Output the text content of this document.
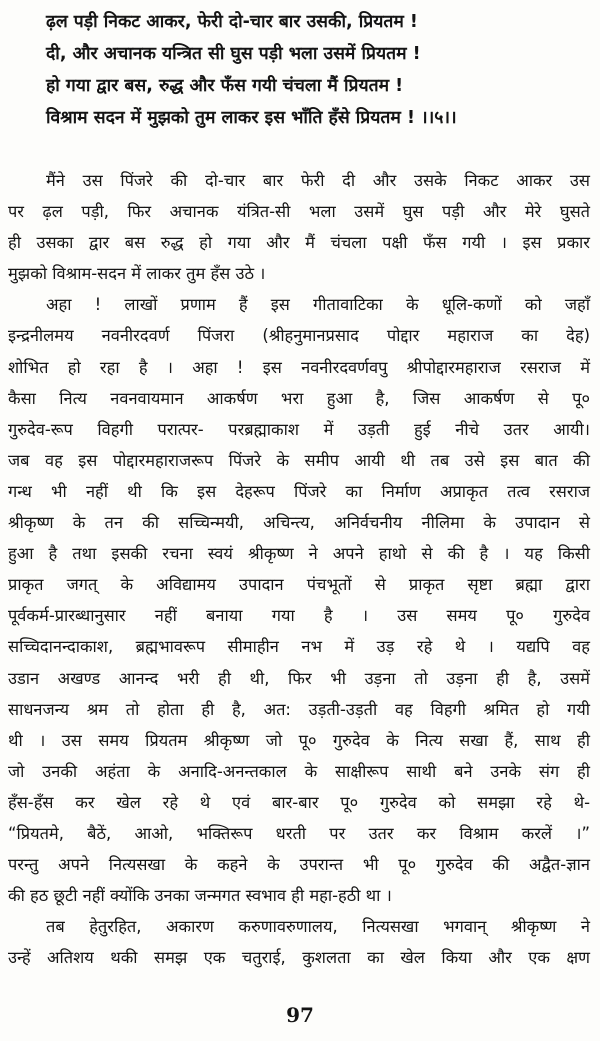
ढ़ल पड़ी निकट आकर, फेरी दो-चार बार उसकी, प्रियतम !
दी, और अचानक यन्त्रित सी घुस पड़ी भला उसमें प्रियतम !
हो गया द्वार बस, रुद्ध और फँस गयी चंचला मैं प्रियतम !
विश्राम सदन में मुझको तुम लाकर इस भाँति हँसे प्रियतम ! ।।५।।

मैंने उस पिंजरे की दो-चार बार फेरी दी और उसके निकट आकर उस

पर ढ़ल पड़ी, फिर अचानक यंत्रित-सी भला उसमें घुस पड़ी और मेरे घुसते

ही उसका द्वार बस रुद्ध हो गया और मैं चंचला पक्षी फँस गयी । इस प्रकार

मुझको विश्राम-सदन में लाकर तुम हँस उठे ।

अहा ! लाखों प्रणाम हैं इस गीतावाटिका के धूलि-कणों को जहाँ

इन्द्रनीलमय नवनीरदवर्ण पिंजरा (श्रीहनुमानप्रसाद पोद्दार महाराज का देह)

शोभित हो रहा है । अहा ! इस नवनीरदवर्णवपु श्रीपोद्दारमहाराज रसराज में

कैसा नित्य नवनवायमान आकर्षण भरा हुआ है, जिस आकर्षण से पू०

गुरुदेव-रूप विहगी परात्पर- परब्रह्माकाश में उड़ती हुई नीचे उतर आयी।

जब वह इस पोद्दारमहाराजरूप पिंजरे के समीप आयी थी तब उसे इस बात की

गन्ध भी नहीं थी कि इस देहरूप पिंजरे का निर्माण अप्राकृत तत्व रसराज

श्रीकृष्ण के तन की सच्चिन्मयी, अचिन्त्य, अनिर्वचनीय नीलिमा के उपादान से

हुआ है तथा इसकी रचना स्वयं श्रीकृष्ण ने अपने हाथो से की है । यह किसी

प्राकृत जगत् के अविद्यामय उपादान पंचभूतों से प्राकृत सृष्टा ब्रह्मा द्वारा

पूर्वकर्म-प्रारब्धानुसार नहीं बनाया गया है । उस समय पू० गुरुदेव

सच्चिदानन्दाकाश, ब्रह्मभावरूप सीमाहीन नभ में उड़ रहे थे । यद्यपि वह

उडान अखण्ड आनन्द भरी ही थी, फिर भी उड़ना तो उड़ना ही है, उसमें

साधनजन्य श्रम तो होता ही है, अत: उड़ती-उड़ती वह विहगी श्रमित हो गयी

थी । उस समय प्रियतम श्रीकृष्ण जो पू० गुरुदेव के नित्य सखा हैं, साथ ही

जो उनकी अहंता के अनादि-अनन्तकाल के साक्षीरूप साथी बने उनके संग ही

हँस-हँस कर खेल रहे थे एवं बार-बार पू० गुरुदेव को समझा रहे थे-

“प्रियतमे, बैठें, आओ, भक्तिरूप धरती पर उतर कर विश्राम करलें ।”

परन्तु अपने नित्यसखा के कहने के उपरान्त भी पू० गुरुदेव की अद्वैत-ज्ञान

की हठ छूटी नहीं क्योंकि उनका जन्मगत स्वभाव ही महा-हठी था ।

तब हेतुरहित, अकारण करुणावरुणालय, नित्यसखा भगवान् श्रीकृष्ण ने

उन्हें अतिशय थकी समझ एक चतुराई, कुशलता का खेल किया और एक क्षण

97
